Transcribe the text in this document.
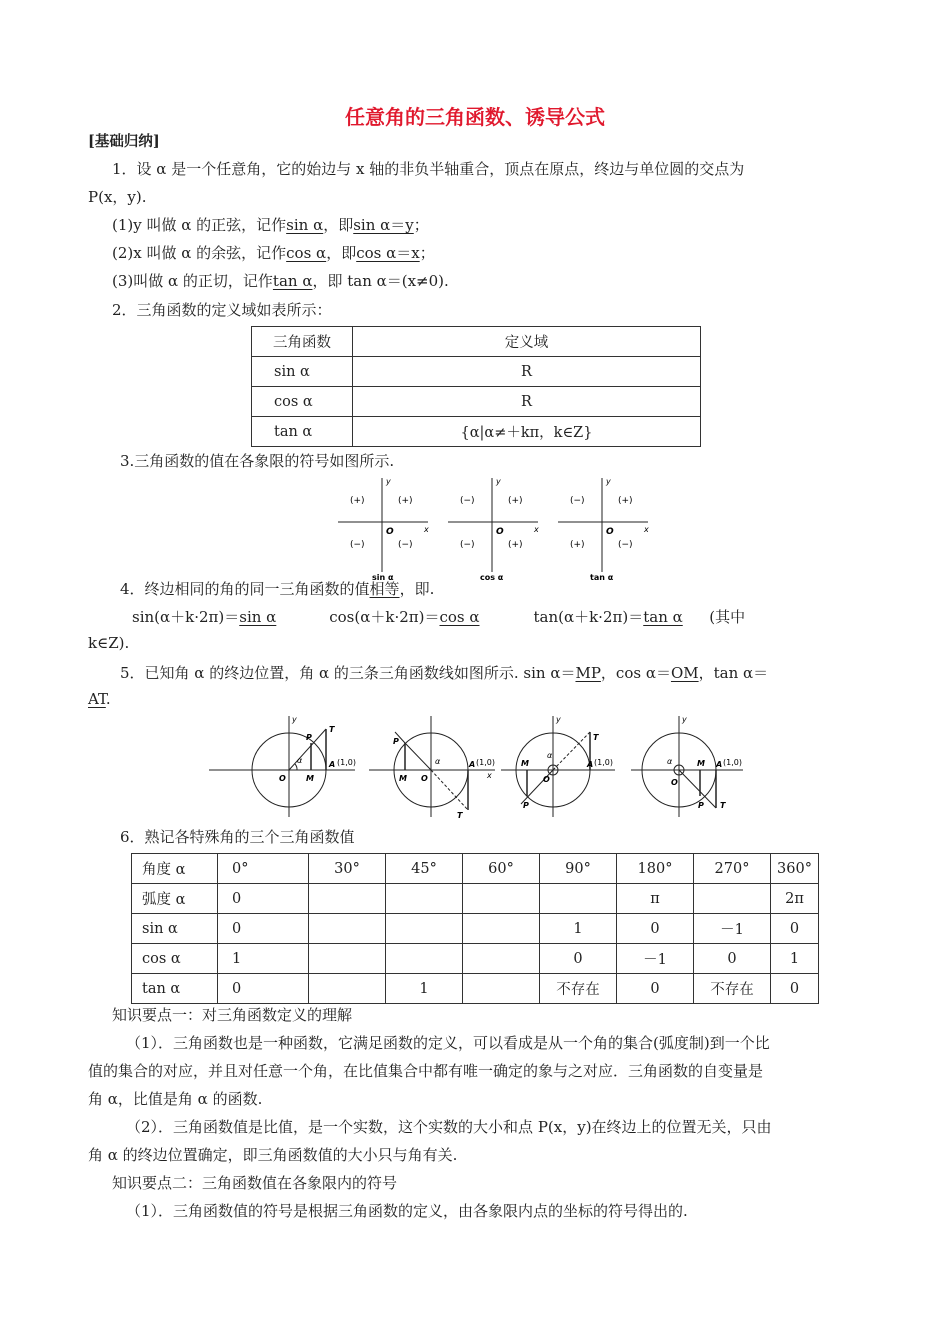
任意角的三角函数、诱导公式
[基础归纳]
1．设 α 是一个任意角，它的始边与 x 轴的非负半轴重合，顶点在原点，终边与单位圆的交点为
P(x，y).
(1)y 叫做 α 的正弦，记作sin α，即sin α＝y；
(2)x 叫做 α 的余弦，记作cos α，即cos α＝x；
(3)叫做 α 的正切，记作tan α，即 tan α＝(x≠0).
2．三角函数的定义域如表所示：
三角函数	定义域
sin α	R
cos α	R
tan α	{α|α≠＋kπ，k∈Z}
3.三角函数的值在各象限的符号如图所示.
(+)	(+)
(−)	(−)
O	x
y
sin α
(−)	(+)
(−)	(+)
O	x
y
cos α
(−)	(+)
(+)	(−)
O	x
y
tan α
4．终边相同的角的同一三角函数的值相等，即.
sin(α＋k·2π)＝sin α	cos(α＋k·2π)＝cos α	tan(α＋k·2π)＝tan α (其中
k∈Z).
5．已知角 α 的终边位置，角 α 的三条三角函数线如图所示. sin α＝MP，cos α＝OM，tan α＝
AT.
α
O	M
P
T
A (1,0)
y
α
O
M
P
T
A (1,0)
x
α
O
M
P
T
A (1,0)
y
α
O
M
P T
A (1,0)
y
6．熟记各特殊角的三个三角函数值
角度 α	0°	30°	45°	60°	90°	180°	270°	360°
弧度 α	0					π		2π
sin α	0				1	0	－1	0
cos α	1				0	－1	0	1
tan α	0		1		不存在	0	不存在	0
知识要点一：对三角函数定义的理解
（1）．三角函数也是一种函数，它满足函数的定义，可以看成是从一个角的集合(弧度制)到一个比
值的集合的对应，并且对任意一个角，在比值集合中都有唯一确定的象与之对应．三角函数的自变量是
角 α，比值是角 α 的函数.
（2）．三角函数值是比值，是一个实数，这个实数的大小和点 P(x，y)在终边上的位置无关，只由
角 α 的终边位置确定，即三角函数值的大小只与角有关.
知识要点二：三角函数值在各象限内的符号
（1）．三角函数值的符号是根据三角函数的定义，由各象限内点的坐标的符号得出的.
